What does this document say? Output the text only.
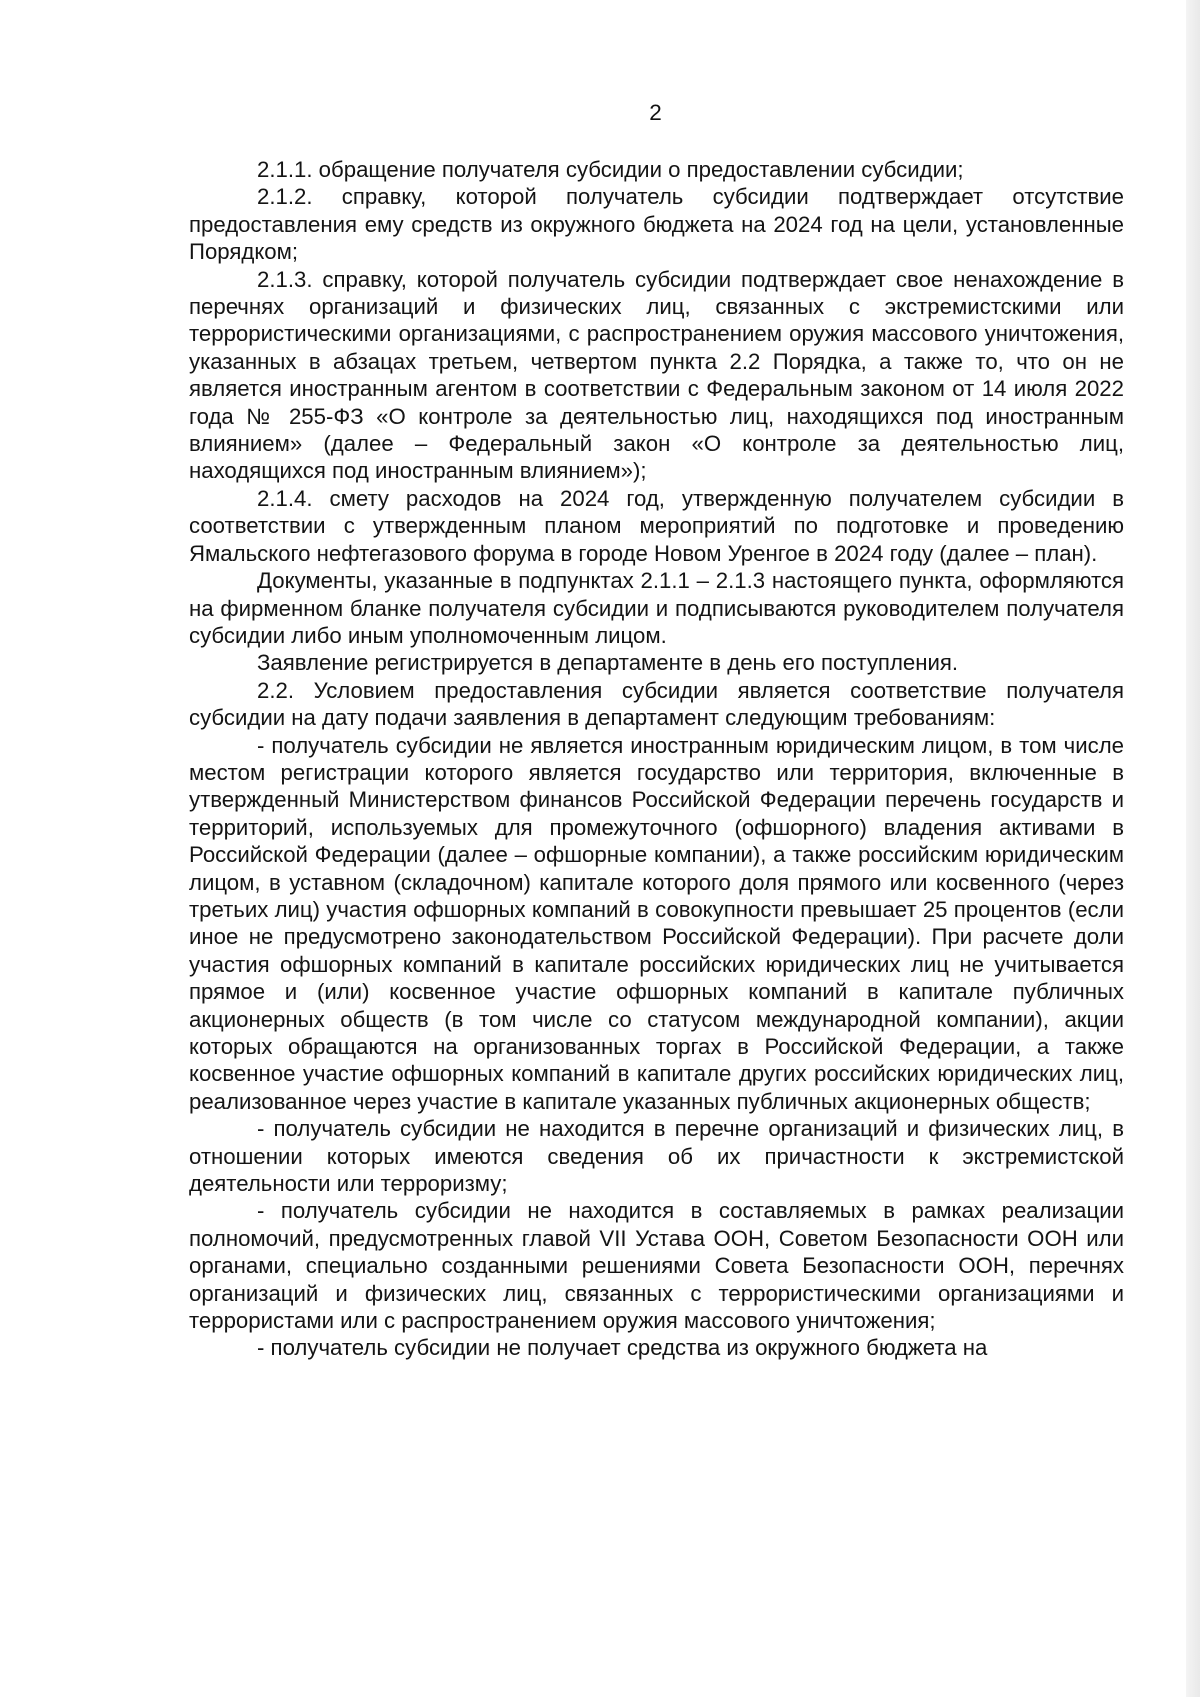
2

2.1.1. обращение получателя субсидии о предоставлении субсидии;

2.1.2. справку, которой получатель субсидии подтверждает отсутствие предоставления ему средств из окружного бюджета на 2024 год на цели, установленные Порядком;

2.1.3. справку, которой получатель субсидии подтверждает свое ненахождение в перечнях организаций и физических лиц, связанных с экстремистскими или террористическими организациями, с распространением оружия массового уничтожения, указанных в абзацах третьем, четвертом пункта 2.2 Порядка, а также то, что он не является иностранным агентом в соответствии с Федеральным законом от 14 июля 2022 года № 255-ФЗ «О контроле за деятельностью лиц, находящихся под иностранным влиянием» (далее – Федеральный закон «О контроле за деятельностью лиц, находящихся под иностранным влиянием»);

2.1.4. смету расходов на 2024 год, утвержденную получателем субсидии в соответствии с утвержденным планом мероприятий по подготовке и проведению Ямальского нефтегазового форума в городе Новом Уренгое в 2024 году (далее – план).

Документы, указанные в подпунктах 2.1.1 – 2.1.3 настоящего пункта, оформляются на фирменном бланке получателя субсидии и подписываются руководителем получателя субсидии либо иным уполномоченным лицом.

Заявление регистрируется в департаменте в день его поступления.

2.2. Условием предоставления субсидии является соответствие получателя субсидии на дату подачи заявления в департамент следующим требованиям:

- получатель субсидии не является иностранным юридическим лицом, в том числе местом регистрации которого является государство или территория, включенные в утвержденный Министерством финансов Российской Федерации перечень государств и территорий, используемых для промежуточного (офшорного) владения активами в Российской Федерации (далее – офшорные компании), а также российским юридическим лицом, в уставном (складочном) капитале которого доля прямого или косвенного (через третьих лиц) участия офшорных компаний в совокупности превышает 25 процентов (если иное не предусмотрено законодательством Российской Федерации). При расчете доли участия офшорных компаний в капитале российских юридических лиц не учитывается прямое и (или) косвенное участие офшорных компаний в капитале публичных акционерных обществ (в том числе со статусом международной компании), акции которых обращаются на организованных торгах в Российской Федерации, а также косвенное участие офшорных компаний в капитале других российских юридических лиц, реализованное через участие в капитале указанных публичных акционерных обществ;

- получатель субсидии не находится в перечне организаций и физических лиц, в отношении которых имеются сведения об их причастности к экстремистской деятельности или терроризму;

- получатель субсидии не находится в составляемых в рамках реализации полномочий, предусмотренных главой VII Устава ООН, Советом Безопасности ООН или органами, специально созданными решениями Совета Безопасности ООН, перечнях организаций и физических лиц, связанных с террористическими организациями и террористами или с распространением оружия массового уничтожения;

- получатель субсидии не получает средства из окружного бюджета на
